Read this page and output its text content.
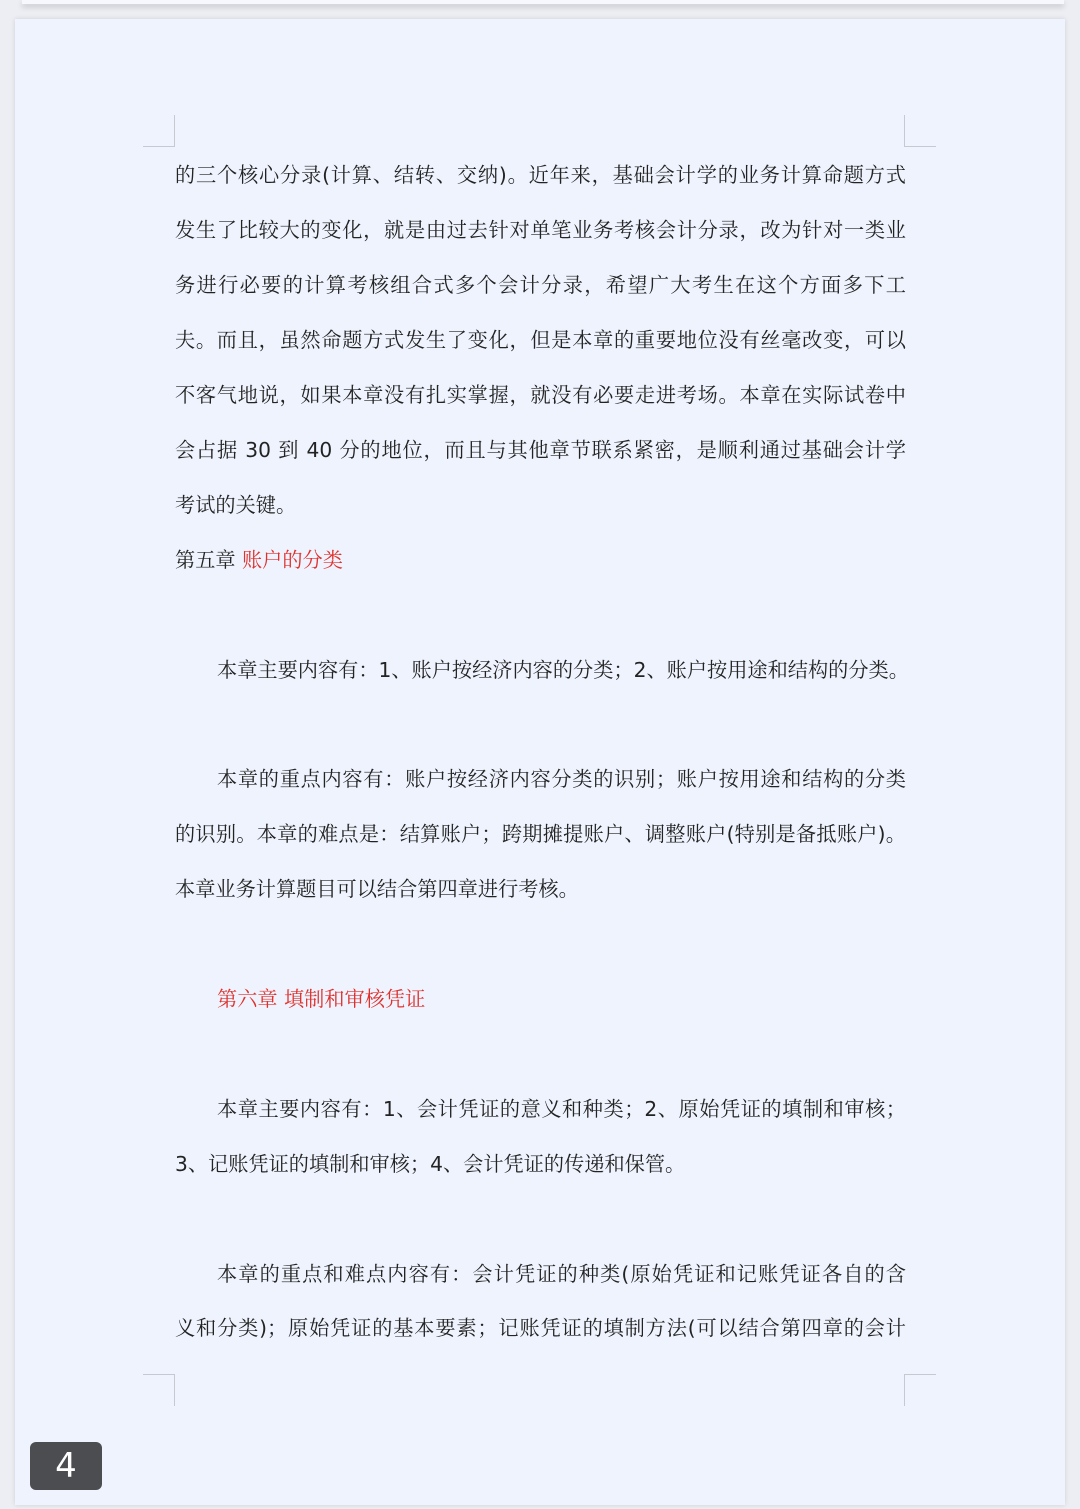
的三个核心分录(计算、结转、交纳)。近年来，基础会计学的业务计算命题方式
发生了比较大的变化，就是由过去针对单笔业务考核会计分录，改为针对一类业
务进行必要的计算考核组合式多个会计分录，希望广大考生在这个方面多下工
夫。而且，虽然命题方式发生了变化，但是本章的重要地位没有丝毫改变，可以
不客气地说，如果本章没有扎实掌握，就没有必要走进考场。本章在实际试卷中
会占据 30 到 40 分的地位，而且与其他章节联系紧密，是顺利通过基础会计学
考试的关键。
第五章 账户的分类
本章主要内容有：1、账户按经济内容的分类；2、账户按用途和结构的分类。
本章的重点内容有：账户按经济内容分类的识别；账户按用途和结构的分类
的识别。本章的难点是：结算账户；跨期摊提账户、调整账户(特别是备抵账户)。
本章业务计算题目可以结合第四章进行考核。
第六章 填制和审核凭证
本章主要内容有：1、会计凭证的意义和种类；2、原始凭证的填制和审核；
3、记账凭证的填制和审核；4、会计凭证的传递和保管。
本章的重点和难点内容有：会计凭证的种类(原始凭证和记账凭证各自的含
义和分类)；原始凭证的基本要素；记账凭证的填制方法(可以结合第四章的会计
4
